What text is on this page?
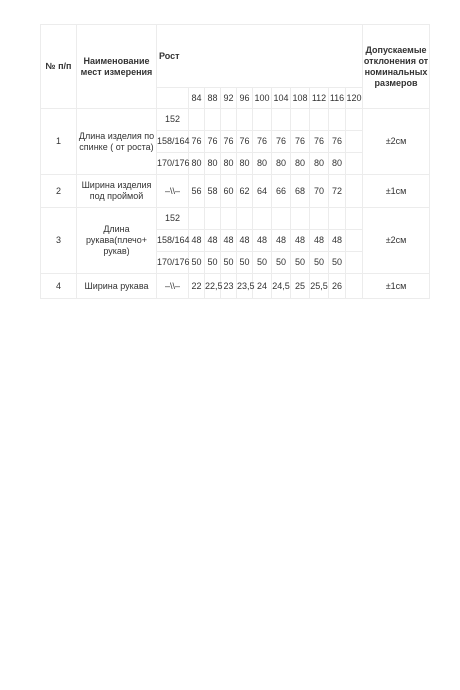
№ п/п	Наименование мест измерения	Рост											Допускаемые отклонения от номинальных размеров
			84	88	92	96	100	104	108	112	116	120	
1	Длина изделия по спинке ( от роста)	152											±2см
		158/164	76	76	76	76	76	76	76	76	76		
		170/176	80	80	80	80	80	80	80	80	80		
2	Ширина изделия под проймой	–\\–	56	58	60	62	64	66	68	70	72		±1см
3	Длина рукава(плечо+ рукав)	152											±2см
		158/164	48	48	48	48	48	48	48	48	48		
		170/176	50	50	50	50	50	50	50	50	50		
4	Ширина рукава	–\\–	22	22,5	23	23,5	24	24,5	25	25,5	26		±1см
